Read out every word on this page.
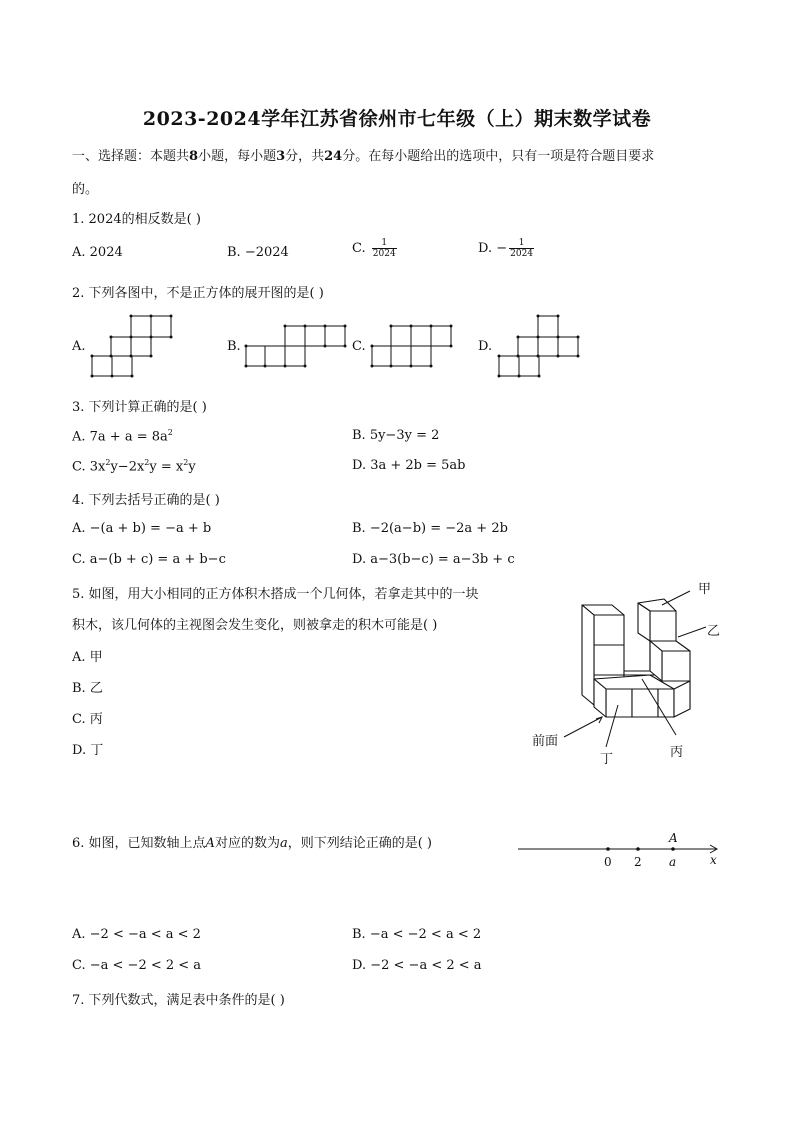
2023-2024学年江苏省徐州市七年级（上）期末数学试卷
一、选择题：本题共8小题，每小题3分，共24分。在每小题给出的选项中，只有一项是符合题目要求
的。
1. 2024的相反数是( )
A. 2024	B. −2024	C. $\frac{1}{2024}$	D. − $\frac{1}{2024}$
2. 下列各图中，不是正方体的展开图的是( )
A.	B.	C.	D.
3. 下列计算正确的是( )
A. $7a + a = 8a^2$	B. 5y−3y = 2
C. $3x^2y-2x^2y = x^2y$	D. 3a + 2b = 5ab
4. 下列去括号正确的是( )
A. −(a + b) = −a + b	B. −2(a−b) = −2a + 2b
C. a−(b + c) = a + b−c	D. a−3(b−c) = a−3b + c
5. 如图，用大小相同的正方体积木搭成一个几何体，若拿走其中的一块
积木，该几何体的主视图会发生变化，则被拿走的积木可能是( )
A. 甲
B. 乙
C. 丙
D. 丁
甲
乙
丙
丁
前面
6. 如图，已知数轴上点A对应的数为a，则下列结论正确的是( )
0 2 a	x
A
A. −2 < −a < a < 2	B. −a < −2 < a < 2
C. −a < −2 < 2 < a	D. −2 < −a < 2 < a
7. 下列代数式，满足表中条件的是( )
